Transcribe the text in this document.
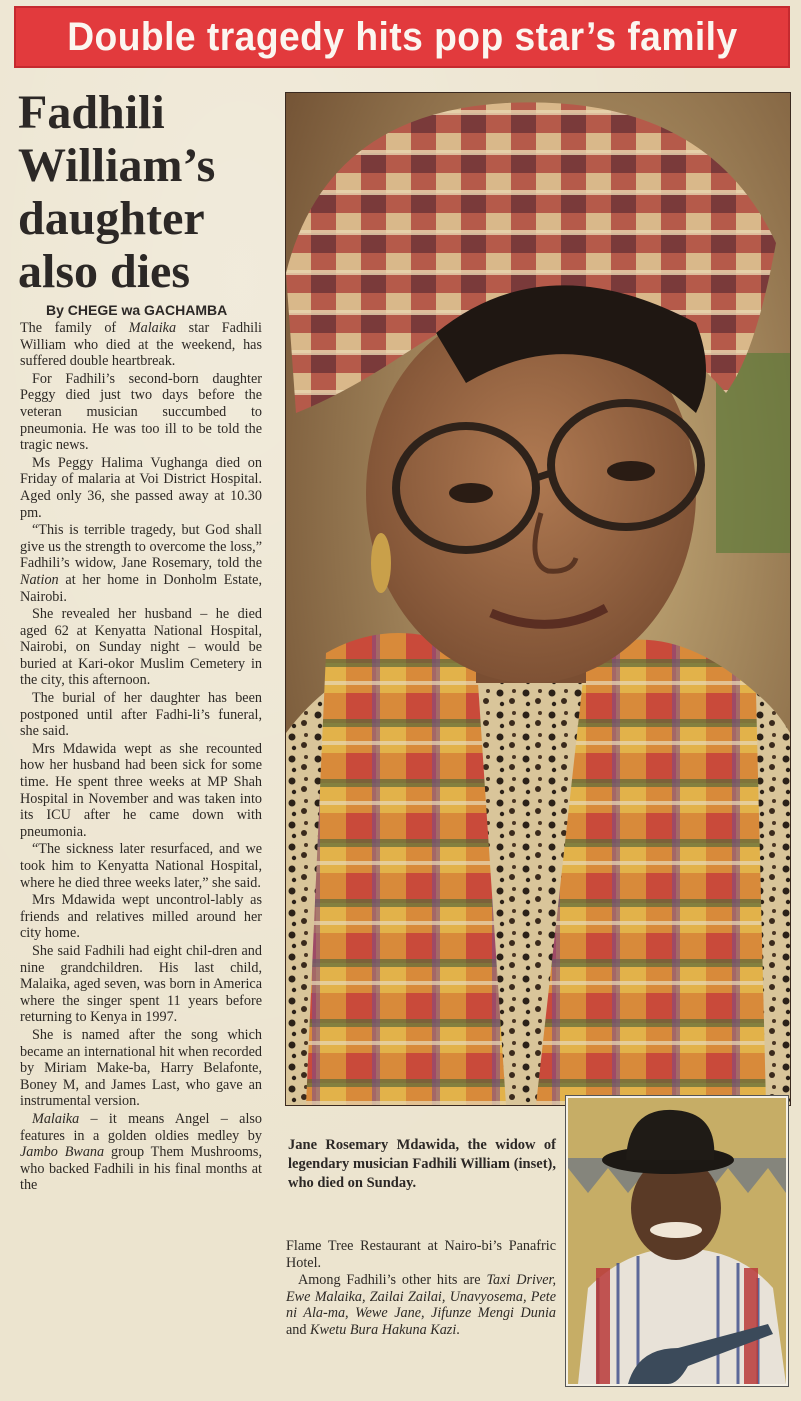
Double tragedy hits pop star’s family
Fadhili
William’s
daughter
also dies
By CHEGE wa GACHAMBA

The family of Malaika star Fadhili William who died at the weekend, has suffered double heartbreak.

For Fadhili’s second-born daughter Peggy died just two days before the veteran musician succumbed to pneumonia. He was too ill to be told the tragic news.

Ms Peggy Halima Vughanga died on Friday of malaria at Voi District Hospital. Aged only 36, she passed away at 10.30 pm.

“This is terrible tragedy, but God shall give us the strength to overcome the loss,” Fadhili’s widow, Jane Rosemary, told the Nation at her home in Donholm Estate, Nairobi.

She revealed her husband – he died aged 62 at Kenyatta National Hospital, Nairobi, on Sunday night – would be buried at Kari-okor Muslim Cemetery in the city, this afternoon.

The burial of her daughter has been postponed until after Fadhi-li’s funeral, she said.

Mrs Mdawida wept as she recounted how her husband had been sick for some time. He spent three weeks at MP Shah Hospital in November and was taken into its ICU after he came down with pneumonia.

“The sickness later resurfaced, and we took him to Kenyatta National Hospital, where he died three weeks later,” she said.

Mrs Mdawida wept uncontrol-lably as friends and relatives milled around her city home.

She said Fadhili had eight chil-dren and nine grandchildren. His last child, Malaika, aged seven, was born in America where the singer spent 11 years before returning to Kenya in 1997.

She is named after the song which became an international hit when recorded by Miriam Make-ba, Harry Belafonte, Boney M, and James Last, who gave an instrumental version.

Malaika – it means Angel – also features in a golden oldies medley by Jambo Bwana group Them Mushrooms, who backed Fadhili in his final months at the

Jane Rosemary Mdawida, the widow of legendary musician Fadhili William (inset), who died on Sunday.

Flame Tree Restaurant at Nairo-bi’s Panafric Hotel.

Among Fadhili’s other hits are Taxi Driver, Ewe Malaika, Zailai Zailai, Unavyosema, Pete ni Ala-ma, Wewe Jane, Jifunze Mengi Dunia and Kwetu Bura Hakuna Kazi.
